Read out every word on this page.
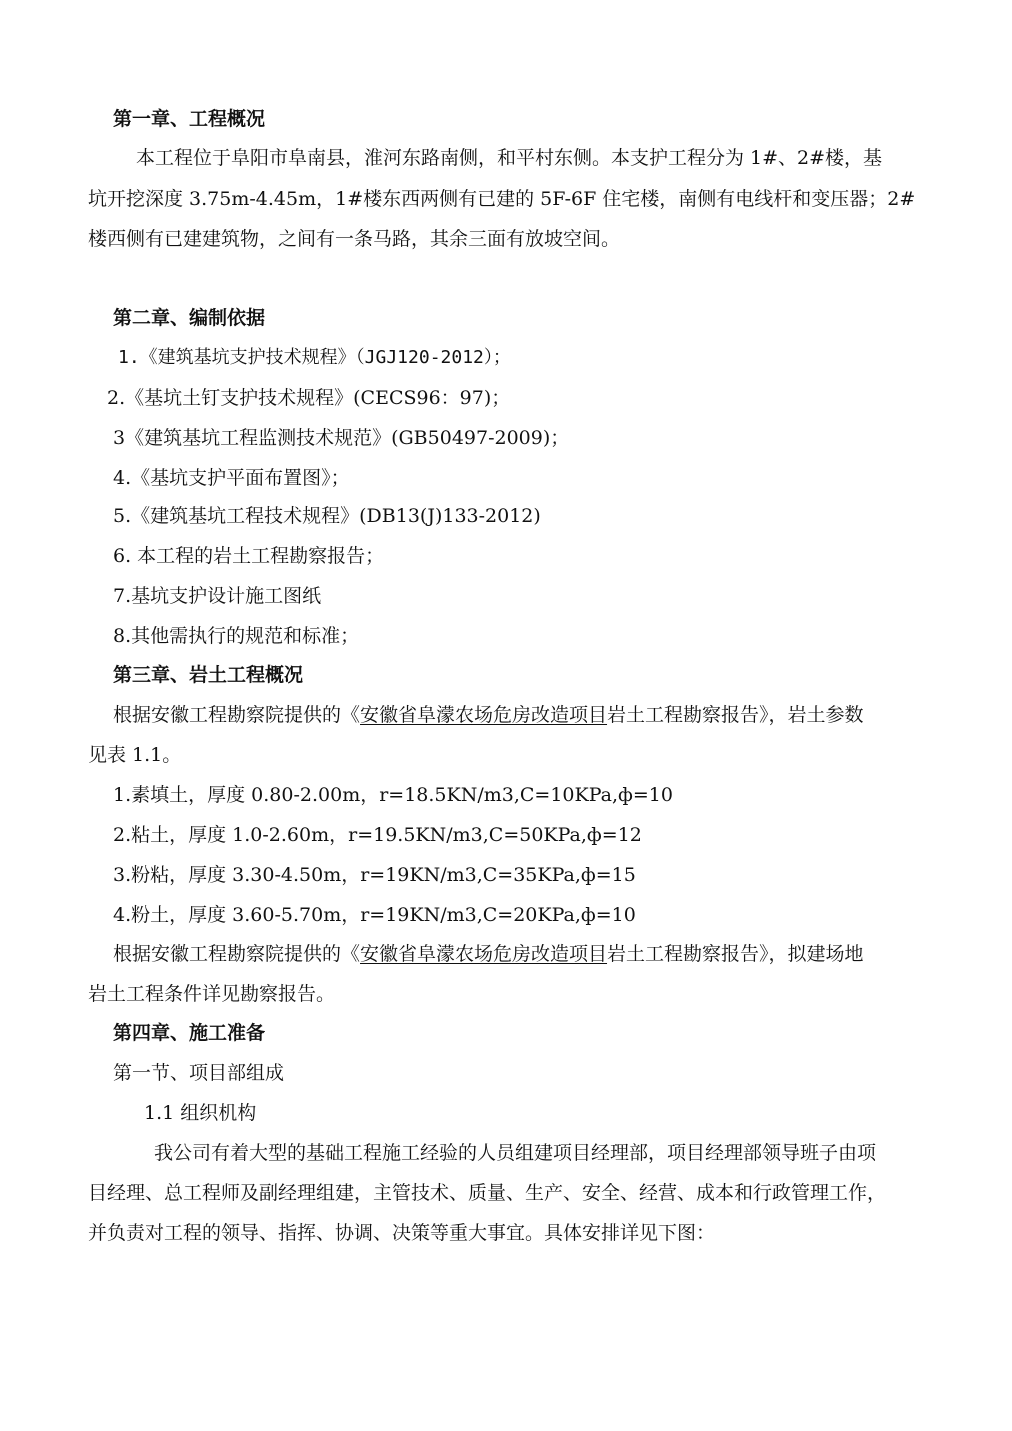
第一章、工程概况
本工程位于阜阳市阜南县，淮河东路南侧，和平村东侧。本支护工程分为 1#、2#楼，基
坑开挖深度 3.75m-4.45m，1#楼东西两侧有已建的 5F-6F 住宅楼，南侧有电线杆和变压器；2#
楼西侧有已建建筑物，之间有一条马路，其余三面有放坡空间。
第二章、编制依据
1.《建筑基坑支护技术规程》（JGJ120-2012）；
2.《基坑土钉支护技术规程》(CECS96：97)；
3《建筑基坑工程监测技术规范》(GB50497-2009)；
4.《基坑支护平面布置图》；
5.《建筑基坑工程技术规程》(DB13(J)133-2012)
6. 本工程的岩土工程勘察报告；
7.基坑支护设计施工图纸
8.其他需执行的规范和标准；
第三章、岩土工程概况
根据安徽工程勘察院提供的《安徽省阜濛农场危房改造项目岩土工程勘察报告》，岩土参数
见表 1.1。
1.素填土，厚度 0.80-2.00m，r=18.5KN/m3,C=10KPa,ф=10
2.粘土，厚度 1.0-2.60m，r=19.5KN/m3,C=50KPa,ф=12
3.粉粘，厚度 3.30-4.50m，r=19KN/m3,C=35KPa,ф=15
4.粉土，厚度 3.60-5.70m，r=19KN/m3,C=20KPa,ф=10
根据安徽工程勘察院提供的《安徽省阜濛农场危房改造项目岩土工程勘察报告》，拟建场地
岩土工程条件详见勘察报告。
第四章、施工准备
第一节、项目部组成
1.1 组织机构
我公司有着大型的基础工程施工经验的人员组建项目经理部，项目经理部领导班子由项
目经理、总工程师及副经理组建，主管技术、质量、生产、安全、经营、成本和行政管理工作，
并负责对工程的领导、指挥、协调、决策等重大事宜。具体安排详见下图：
